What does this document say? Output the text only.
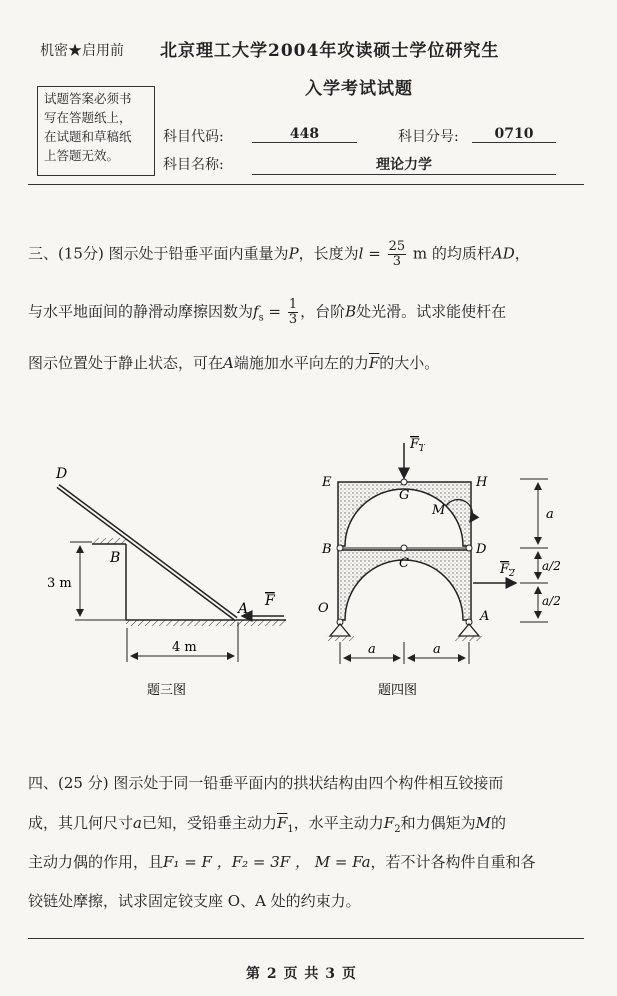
机密★启用前 北京理工大学2004年攻读硕士学位研究生
入学考试试题
试题答案必须书
写在答题纸上，
在试题和草稿纸
上答题无效。
科目代码:	448	科目分号:	0710
科目名称:	理论力学
三、(15分) 图示处于铅垂平面内重量为P，长度为$l = \frac{25}{3}$ m 的均质杆AD，
与水平地面间的静滑动摩擦因数为$f_s = \frac{1}{3}$ ，台阶B处光滑。试求能使杆在
图示位置处于静止状态，可在A端施加水平向左的力$\overline{F}$的大小。
D
B
A F
3 m
4 m
题三图
E
G
H
$F_1$
M
B
C
D
$F_2$
O
A
a
a/2
a/2
a	a
题四图
四、(25 分) 图示处于同一铅垂平面内的拱状结构由四个构件相互铰接而
成，其几何尺寸a已知，受铅垂主动力$\overline{F}_1$，水平主动力$F_2$和力偶矩为M的
主动力偶的作用，且F₁ = F ，F₂ = 3F ， M = Fa，若不计各构件自重和各
铰链处摩擦，试求固定铰支座 O、A 处的约束力。
第 2 页 共 3 页
